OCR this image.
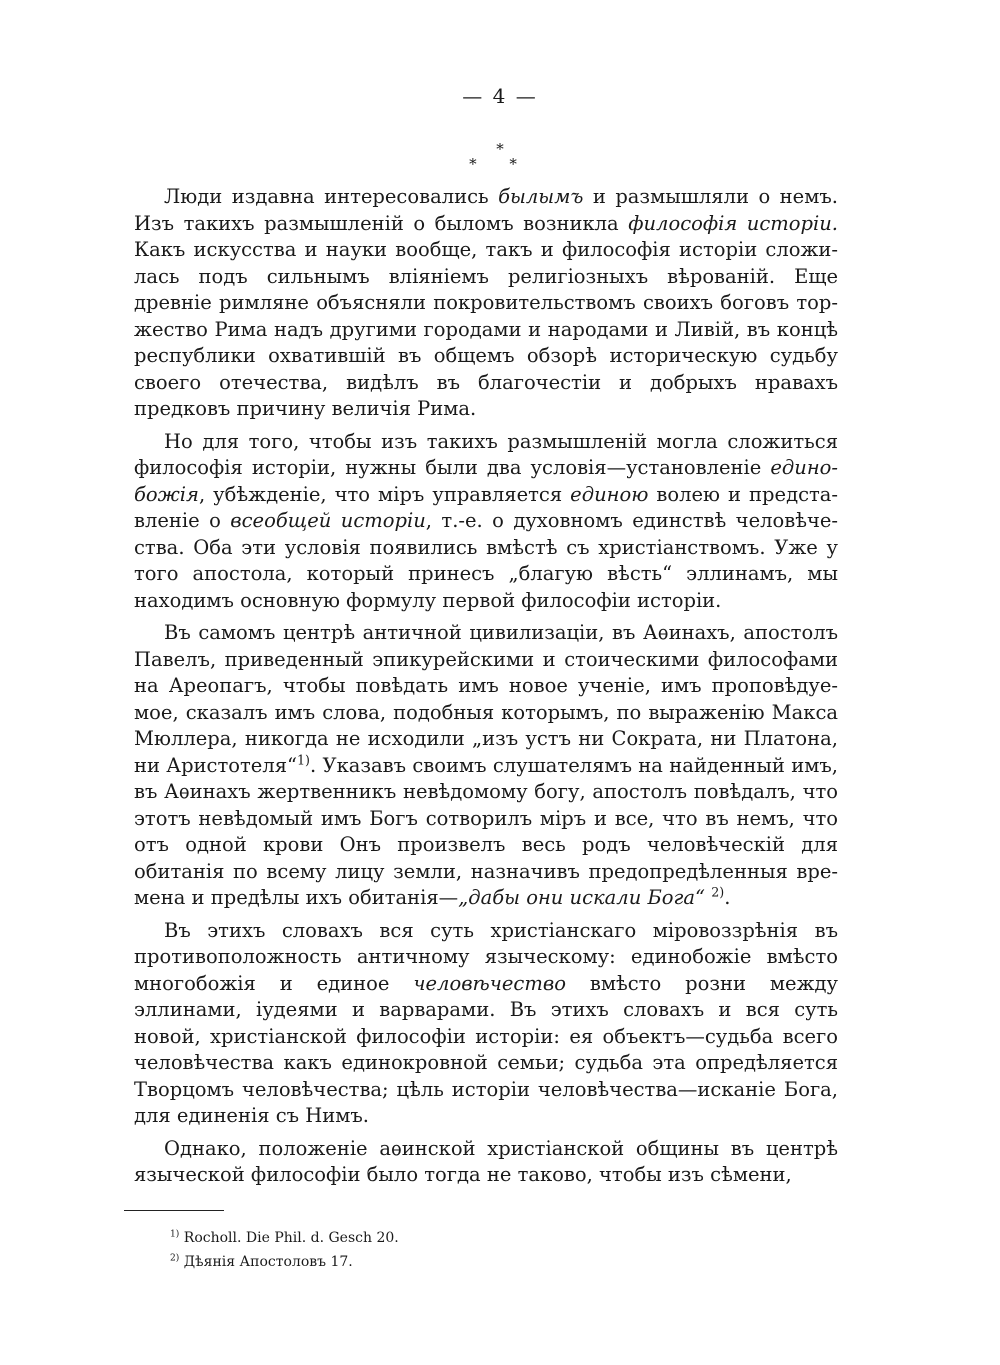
— 4 —
*
* *

Люди издавна интересовались былымъ и размышляли о немъ. Изъ такихъ размышленій о быломъ возникла философія исторіи. Какъ искусства и науки вообще, такъ и философія исторіи сложилась подъ сильнымъ вліяніемъ религіозныхъ вѣрованій. Еще древніе римляне объясняли покровительствомъ своихъ боговъ торжество Рима надъ другими городами и народами и Ливій, въ концѣ республики охватившій въ общемъ обзорѣ историческую судьбу своего отечества, видѣлъ въ благочестіи и добрыхъ нравахъ предковъ причину величія Рима.

Но для того, чтобы изъ такихъ размышленій могла сложиться философія исторіи, нужны были два условія—установленіе единобожія, убѣжденіе, что міръ управляется единою волею и представленіе о всеобщей исторіи, т.-е. о духовномъ единствѣ человѣчества. Оба эти условія появились вмѣстѣ съ христіанствомъ. Уже у того апостола, который принесъ „благую вѣсть“ эллинамъ, мы находимъ основную формулу первой философіи исторіи.

Въ самомъ центрѣ античной цивилизаціи, въ Аѳинахъ, апостолъ Павелъ, приведенный эпикурейскими и стоическими философами на Ареопагъ, чтобы повѣдать имъ новое ученіе, имъ проповѣдуемое, сказалъ имъ слова, подобныя которымъ, по выраженію Макса Мюллера, никогда не исходили „изъ устъ ни Сократа, ни Платона, ни Аристотеля“$^{1)}$. Указавъ своимъ слушателямъ на найденный имъ, въ Аѳинахъ жертвенникъ невѣдомому богу, апостолъ повѣдалъ, что этотъ невѣдомый имъ Богъ сотворилъ міръ и все, что въ немъ, что отъ одной крови Онъ произвелъ весь родъ человѣческій для обитанія по всему лицу земли, назначивъ предопредѣленныя времена и предѣлы ихъ обитанія—„дабы они искали Бога“ $^{2)}$.

Въ этихъ словахъ вся суть христіанскаго міровоззрѣнія въ противоположность античному языческому: единобожіе вмѣсто многобожія и единое человѣчество вмѣсто розни между эллинами, іудеями и варварами. Въ этихъ словахъ и вся суть новой, христіанской философіи исторіи: ея объектъ—судьба всего человѣчества какъ единокровной семьи; судьба эта опредѣляется Творцомъ человѣчества; цѣль исторіи человѣчества—исканіе Бога, для единенія съ Нимъ.

Однако, положеніе аѳинской христіанской общины въ центрѣ языческой философіи было тогда не таково, чтобы изъ сѣмени,

$^{1)}$ Rocholl. Die Phil. d. Gesch 20.
$^{2)}$ Дѣянія Апостоловъ 17.
